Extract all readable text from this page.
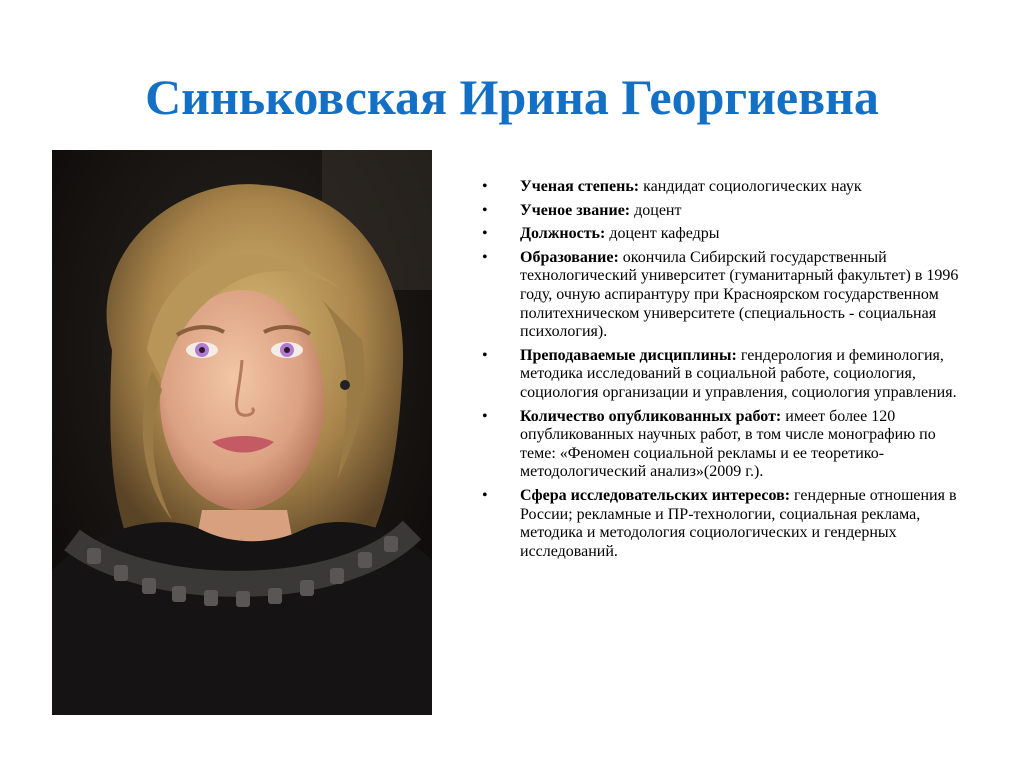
Синьковская Ирина Георгиевна
• Ученая степень: кандидат социологических наук
• Ученое звание: доцент
• Должность: доцент кафедры
• Образование: окончила Сибирский государственный технологический университет (гуманитарный факультет) в 1996 году, очную аспирантуру при Красноярском государственном политехническом университете (специальность - социальная психология).
• Преподаваемые дисциплины: гендерология и феминология, методика исследований в социальной работе, социология, социология организации и управления, социология управления.
• Количество опубликованных работ: имеет более 120 опубликованных научных работ, в том числе монографию по теме: «Феномен социальной рекламы и ее теоретико-методологический анализ»(2009 г.).
• Сфера исследовательских интересов: гендерные отношения в России; рекламные и ПР-технологии, социальная реклама, методика и методология социологических и гендерных исследований.
